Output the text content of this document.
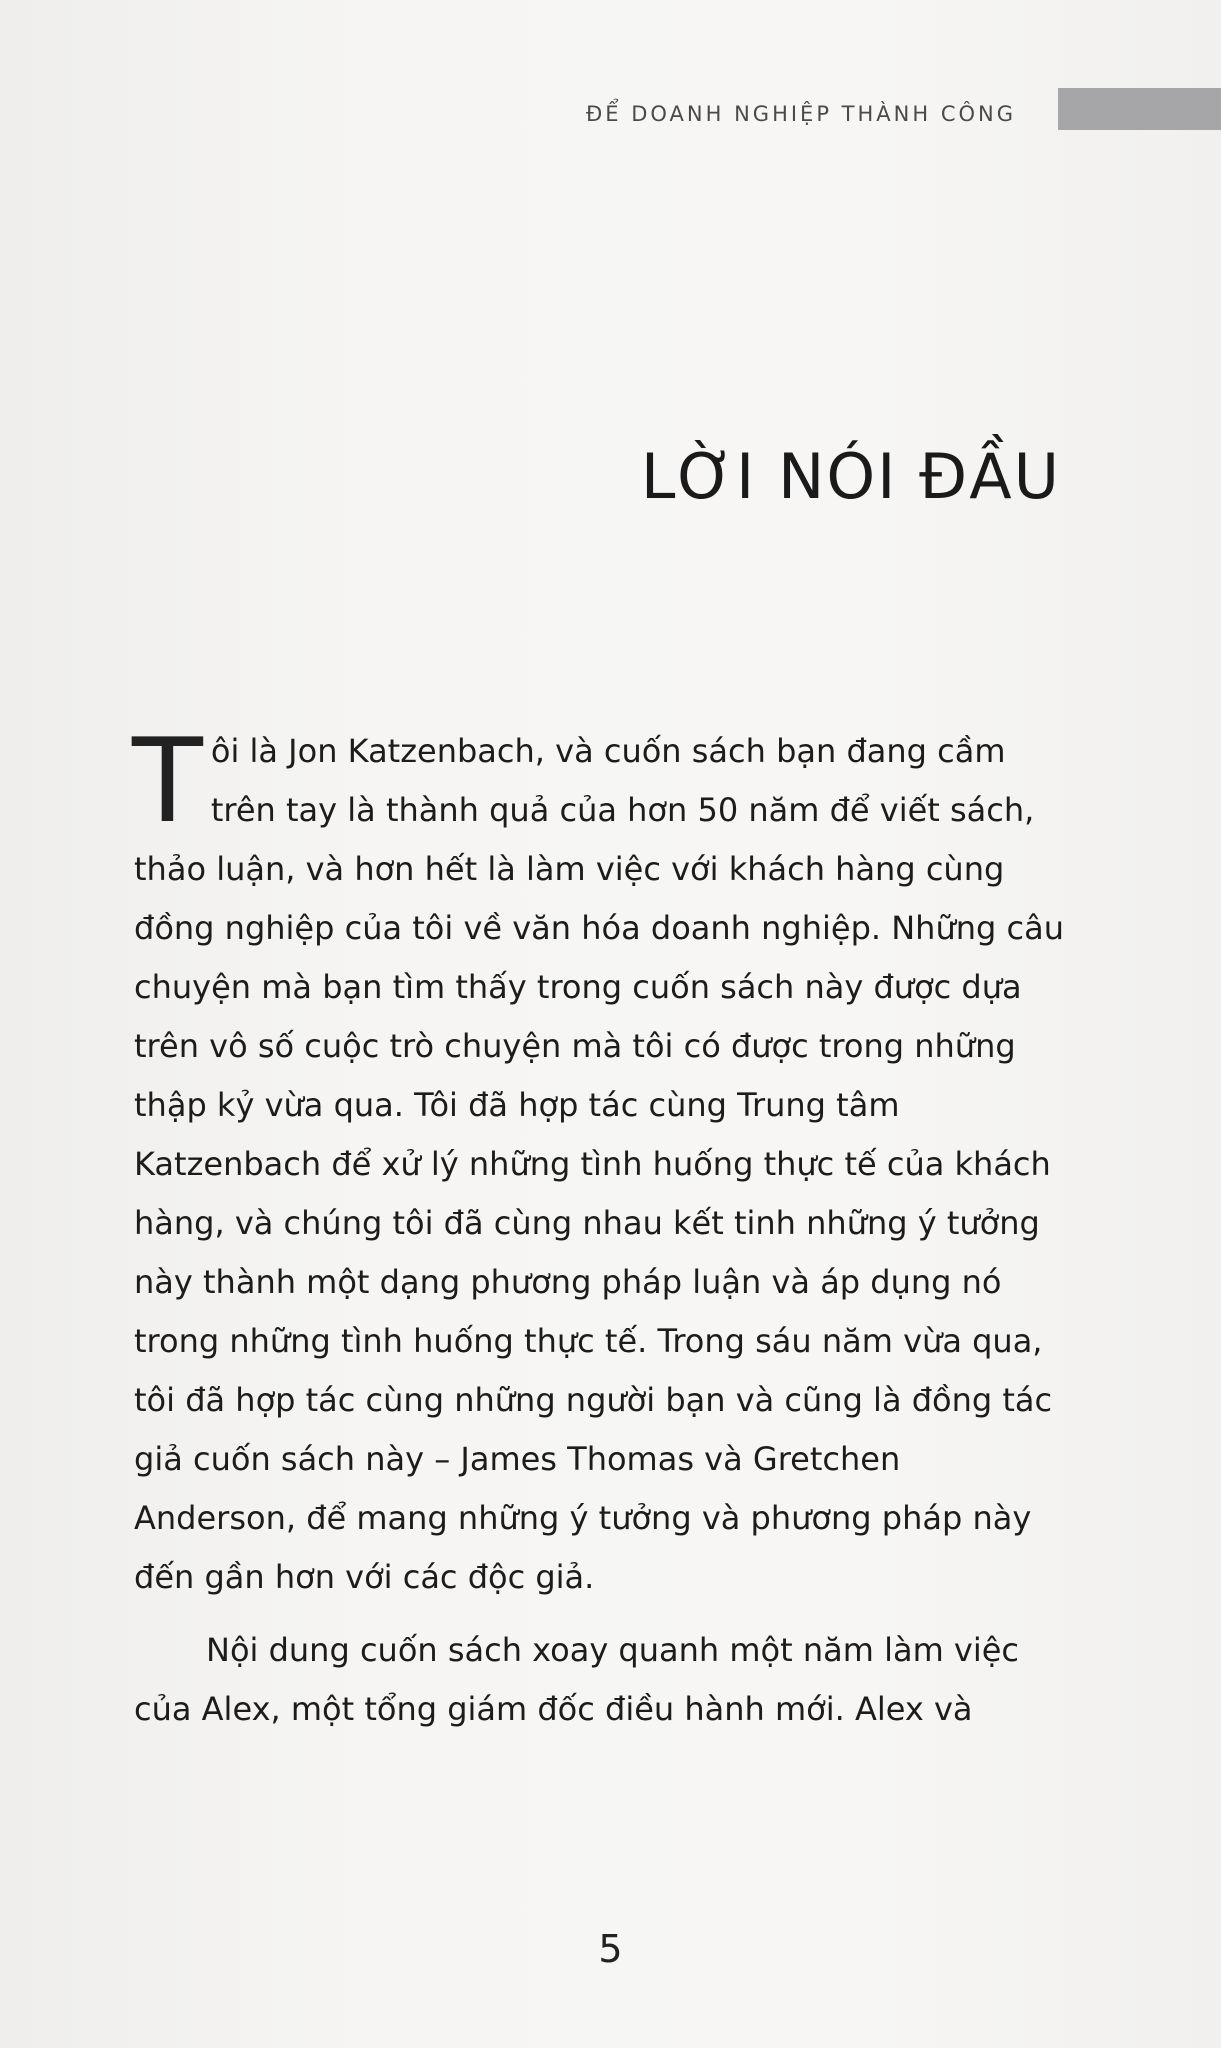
ĐỂ DOANH NGHIỆP THÀNH CÔNG
LỜI NÓI ĐẦU

Tôi là Jon Katzenbach, và cuốn sách bạn đang cầm trên tay là thành quả của hơn 50 năm để viết sách, thảo luận, và hơn hết là làm việc với khách hàng cùng đồng nghiệp của tôi về văn hóa doanh nghiệp. Những câu chuyện mà bạn tìm thấy trong cuốn sách này được dựa trên vô số cuộc trò chuyện mà tôi có được trong những thập kỷ vừa qua. Tôi đã hợp tác cùng Trung tâm Katzenbach để xử lý những tình huống thực tế của khách hàng, và chúng tôi đã cùng nhau kết tinh những ý tưởng này thành một dạng phương pháp luận và áp dụng nó trong những tình huống thực tế. Trong sáu năm vừa qua, tôi đã hợp tác cùng những người bạn và cũng là đồng tác giả cuốn sách này – James Thomas và Gretchen Anderson, để mang những ý tưởng và phương pháp này đến gần hơn với các độc giả.

Nội dung cuốn sách xoay quanh một năm làm việc của Alex, một tổng giám đốc điều hành mới. Alex và

5
